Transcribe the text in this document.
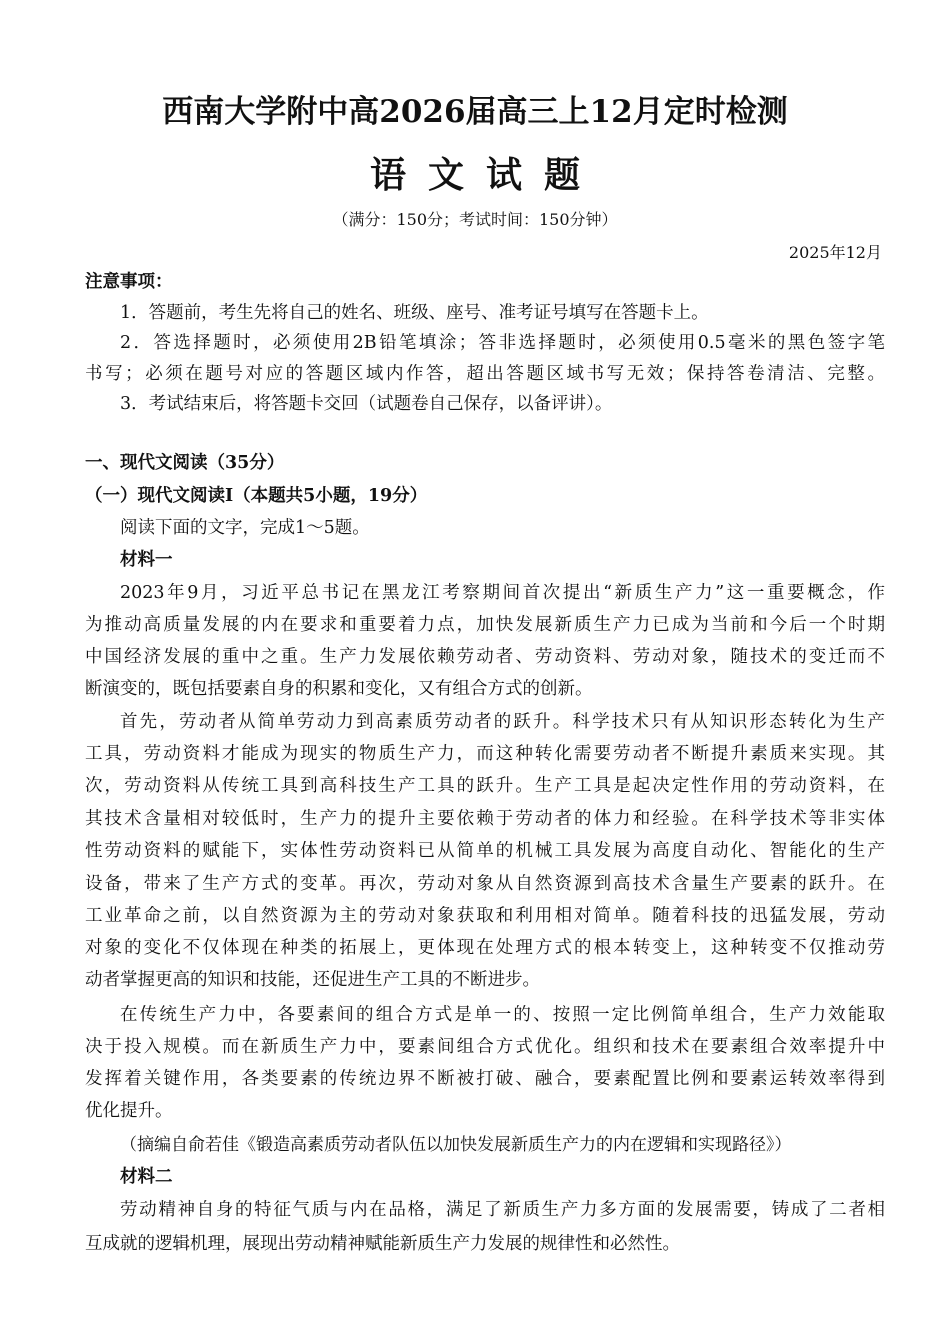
西南大学附中高2026届高三上12月定时检测
语文试题
（满分：150分；考试时间：150分钟）
2025年12月
注意事项：
1．答题前，考生先将自己的姓名、班级、座号、准考证号填写在答题卡上。
2．答选择题时，必须使用2B铅笔填涂；答非选择题时，必须使用0.5毫米的黑色签字笔
书写；必须在题号对应的答题区域内作答，超出答题区域书写无效；保持答卷清洁、完整。
3．考试结束后，将答题卡交回（试题卷自己保存，以备评讲）。
一、现代文阅读（35分）
（一）现代文阅读Ⅰ（本题共5小题，19分）
阅读下面的文字，完成1～5题。
材料一
2023年9月，习近平总书记在黑龙江考察期间首次提出“新质生产力”这一重要概念，作
为推动高质量发展的内在要求和重要着力点，加快发展新质生产力已成为当前和今后一个时期
中国经济发展的重中之重。生产力发展依赖劳动者、劳动资料、劳动对象，随技术的变迁而不
断演变的，既包括要素自身的积累和变化，又有组合方式的创新。
首先，劳动者从简单劳动力到高素质劳动者的跃升。科学技术只有从知识形态转化为生产
工具，劳动资料才能成为现实的物质生产力，而这种转化需要劳动者不断提升素质来实现。其
次，劳动资料从传统工具到高科技生产工具的跃升。生产工具是起决定性作用的劳动资料，在
其技术含量相对较低时，生产力的提升主要依赖于劳动者的体力和经验。在科学技术等非实体
性劳动资料的赋能下，实体性劳动资料已从简单的机械工具发展为高度自动化、智能化的生产
设备，带来了生产方式的变革。再次，劳动对象从自然资源到高技术含量生产要素的跃升。在
工业革命之前，以自然资源为主的劳动对象获取和利用相对简单。随着科技的迅猛发展，劳动
对象的变化不仅体现在种类的拓展上，更体现在处理方式的根本转变上，这种转变不仅推动劳
动者掌握更高的知识和技能，还促进生产工具的不断进步。
在传统生产力中，各要素间的组合方式是单一的、按照一定比例简单组合，生产力效能取
决于投入规模。而在新质生产力中，要素间组合方式优化。组织和技术在要素组合效率提升中
发挥着关键作用，各类要素的传统边界不断被打破、融合，要素配置比例和要素运转效率得到
优化提升。
（摘编自俞若佳《锻造高素质劳动者队伍以加快发展新质生产力的内在逻辑和实现路径》）
材料二
劳动精神自身的特征气质与内在品格，满足了新质生产力多方面的发展需要，铸成了二者相
互成就的逻辑机理，展现出劳动精神赋能新质生产力发展的规律性和必然性。
